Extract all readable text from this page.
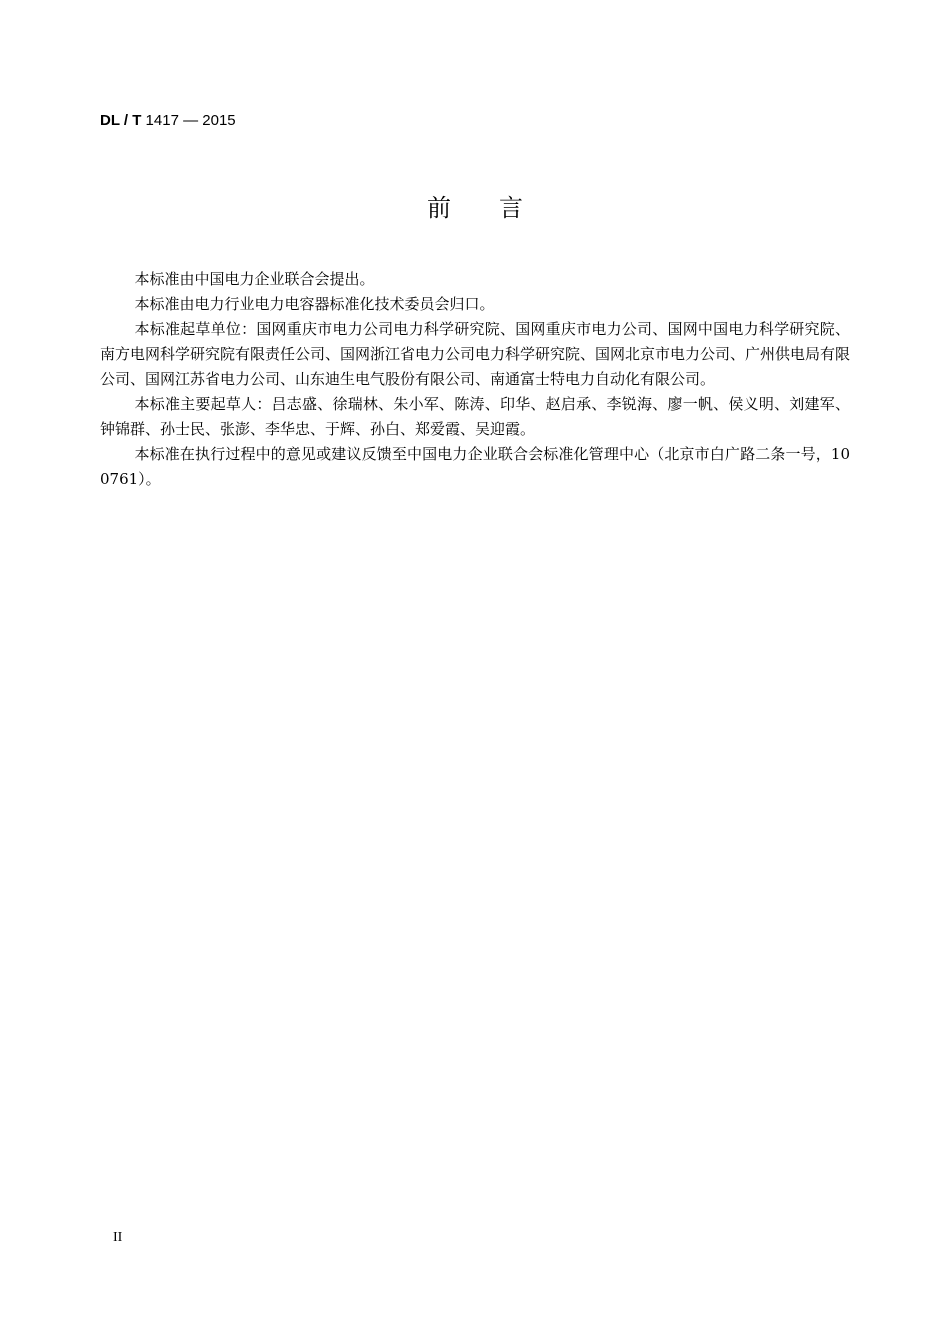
DL / T 1417 — 2015
前 言

本标准由中国电力企业联合会提出。

本标准由电力行业电力电容器标准化技术委员会归口。

本标准起草单位：国网重庆市电力公司电力科学研究院、国网重庆市电力公司、国网中国电力科学研究院、南方电网科学研究院有限责任公司、国网浙江省电力公司电力科学研究院、国网北京市电力公司、广州供电局有限公司、国网江苏省电力公司、山东迪生电气股份有限公司、南通富士特电力自动化有限公司。

本标准主要起草人：吕志盛、徐瑞林、朱小军、陈涛、印华、赵启承、李锐海、廖一帆、侯义明、刘建军、钟锦群、孙士民、张澎、李华忠、于辉、孙白、郑爱霞、吴迎霞。

本标准在执行过程中的意见或建议反馈至中国电力企业联合会标准化管理中心（北京市白广路二条一号，100761）。

II
